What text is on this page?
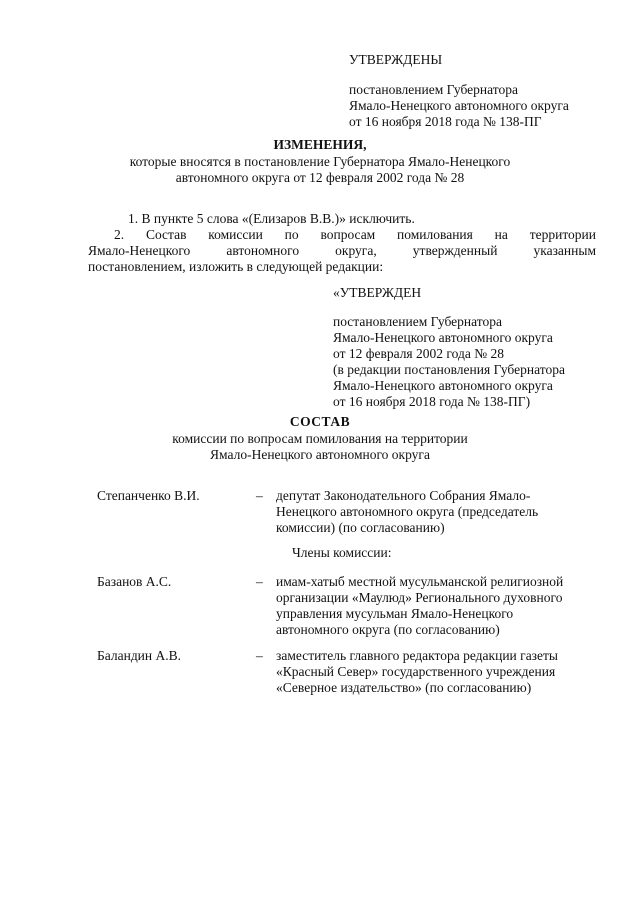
УТВЕРЖДЕНЫ
постановлением Губернатора
Ямало-Ненецкого автономного округа
от 16 ноября 2018 года № 138-ПГ
ИЗМЕНЕНИЯ,
которые вносятся в постановление Губернатора Ямало-Ненецкого
автономного округа от 12 февраля 2002 года № 28
1. В пункте 5 слова «(Елизаров В.В.)» исключить.
2. Состав комиссии по вопросам помилования на территории
Ямало-Ненецкого автономного округа, утвержденный указанным
постановлением, изложить в следующей редакции:
«УТВЕРЖДЕН
постановлением Губернатора
Ямало-Ненецкого автономного округа
от 12 февраля 2002 года № 28
(в редакции постановления Губернатора
Ямало-Ненецкого автономного округа
от 16 ноября 2018 года № 138-ПГ)
СОСТАВ
комиссии по вопросам помилования на территории
Ямало-Ненецкого автономного округа
Степанченко В.И.	– депутат Законодательного Собрания Ямало-
Ненецкого автономного округа (председатель
комиссии) (по согласованию)
Члены комиссии:
Базанов А.С.	– имам-хатыб местной мусульманской религиозной
организации «Маулюд» Регионального духовного
управления мусульман Ямало-Ненецкого
автономного округа (по согласованию)
Баландин А.В.	– заместитель главного редактора редакции газеты
«Красный Север» государственного учреждения
«Северное издательство» (по согласованию)
